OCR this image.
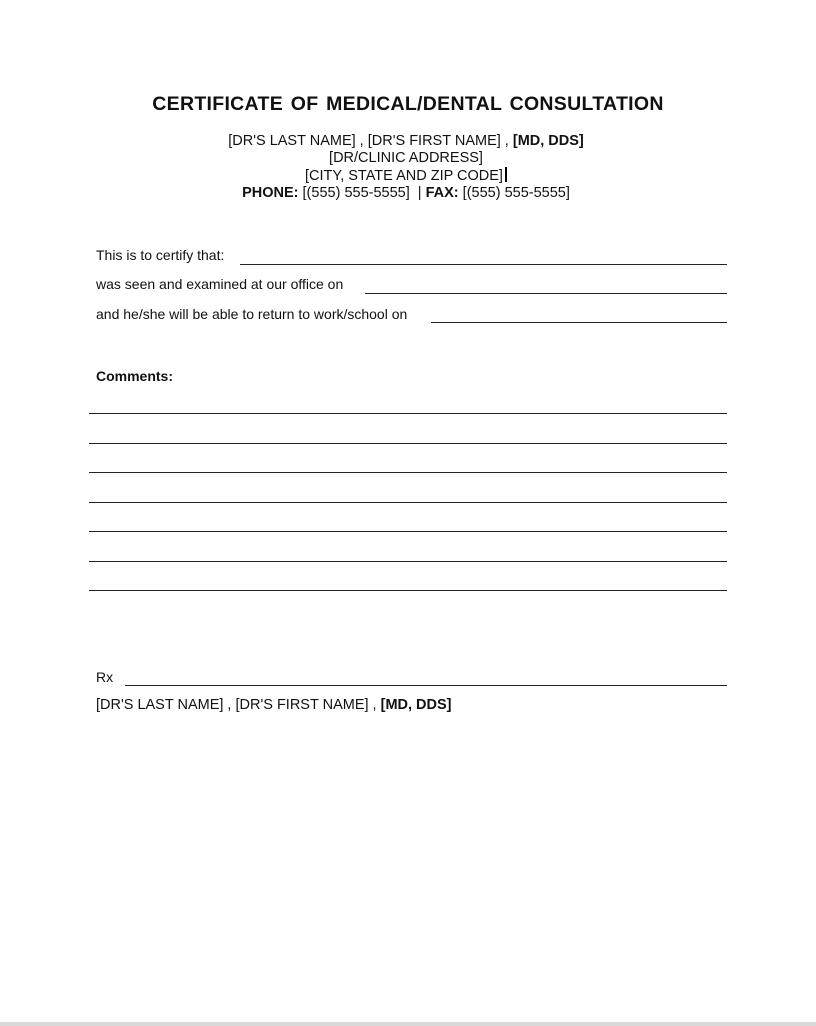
CERTIFICATE OF MEDICAL/DENTAL CONSULTATION
[DR'S LAST NAME] , [DR'S FIRST NAME] , [MD, DDS]
[DR/CLINIC ADDRESS]
[CITY, STATE AND ZIP CODE]
PHONE: [(555) 555-5555]  | FAX: [(555) 555-5555]
This is to certify that:
was seen and examined at our office on
and he/she will be able to return to work/school on
Comments:
Rx
[DR'S LAST NAME] , [DR'S FIRST NAME] , [MD, DDS]
